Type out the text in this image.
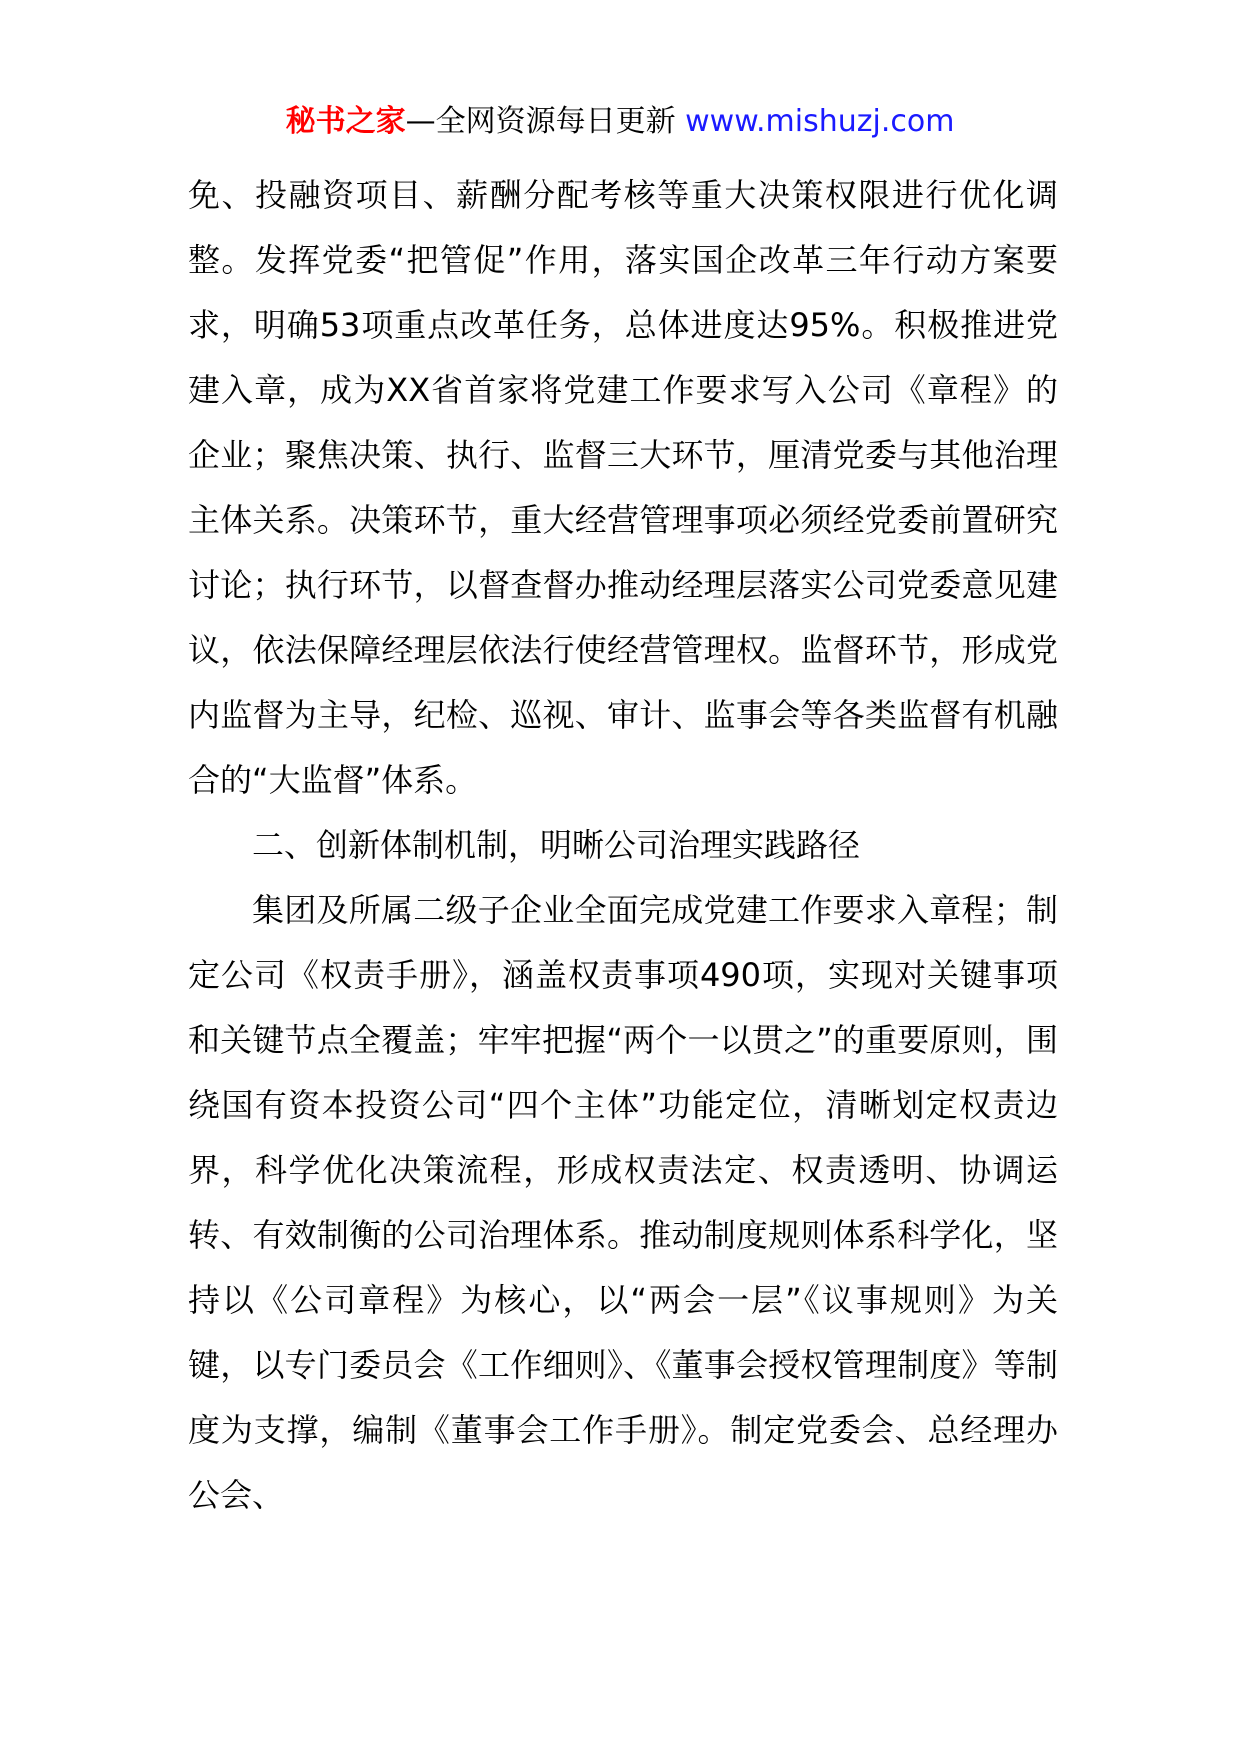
秘书之家—全网资源每日更新 www.mishuzj.com

免、投融资项目、薪酬分配考核等重大决策权限进行优化调整。发挥党委“把管促”作用，落实国企改革三年行动方案要求，明确53项重点改革任务，总体进度达95%。积极推进党建入章，成为XX省首家将党建工作要求写入公司《章程》的企业；聚焦决策、执行、监督三大环节，厘清党委与其他治理主体关系。决策环节，重大经营管理事项必须经党委前置研究讨论；执行环节，以督查督办推动经理层落实公司党委意见建议，依法保障经理层依法行使经营管理权。监督环节，形成党内监督为主导，纪检、巡视、审计、监事会等各类监督有机融合的“大监督”体系。

二、创新体制机制，明晰公司治理实践路径

集团及所属二级子企业全面完成党建工作要求入章程；制定公司《权责手册》，涵盖权责事项490项，实现对关键事项和关键节点全覆盖；牢牢把握“两个一以贯之”的重要原则，围绕国有资本投资公司“四个主体”功能定位，清晰划定权责边界，科学优化决策流程，形成权责法定、权责透明、协调运转、有效制衡的公司治理体系。推动制度规则体系科学化，坚持以《公司章程》为核心，以“两会一层”《议事规则》为关键，以专门委员会《工作细则》、《董事会授权管理制度》等制度为支撑，编制《董事会工作手册》。制定党委会、总经理办公会、
